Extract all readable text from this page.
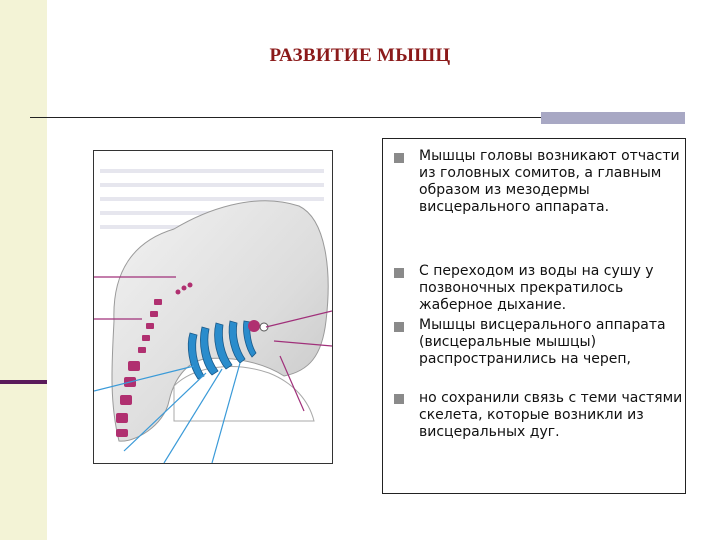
РАЗВИТИЕ МЫШЦ
Мышцы головы возникают отчасти из головных сомитов, а главным образом из мезодермы висцерального аппарата.
С переходом из воды на сушу у позвоночных прекратилось жаберное дыхание.
Мышцы висцерального аппарата (висцеральные мышцы) распространились на череп,
но сохранили связь с теми частями скелета, которые возникли из висцеральных дуг.
